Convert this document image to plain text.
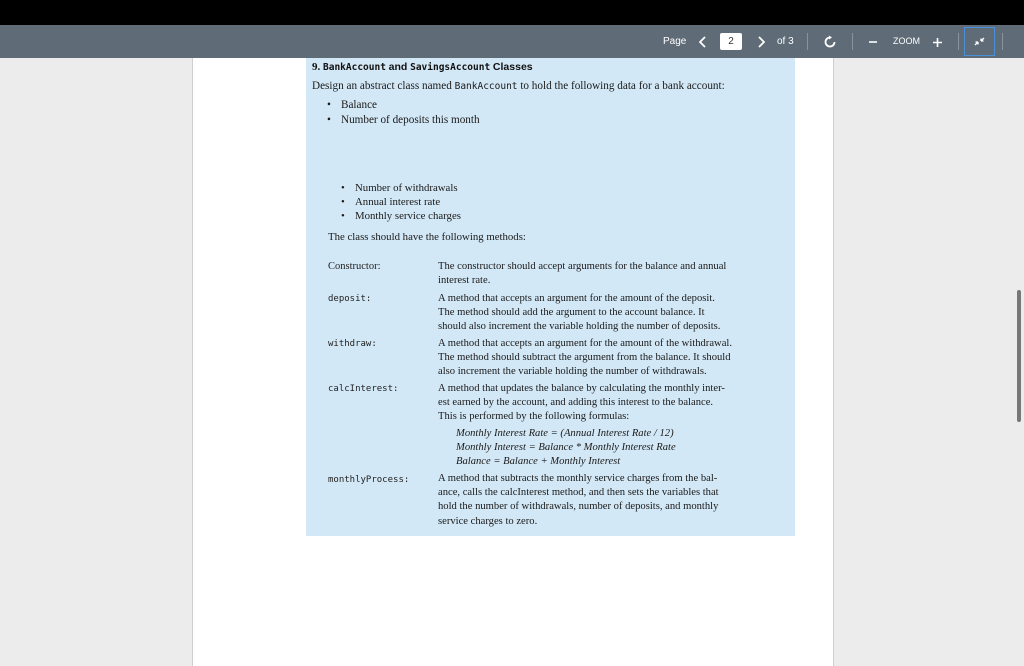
Page	2	of 3	ZOOM
9. BankAccount and SavingsAccount Classes
Design an abstract class named BankAccount to hold the following data for a bank account:
• Balance
• Number of deposits this month
• Number of withdrawals
• Annual interest rate
• Monthly service charges
The class should have the following methods:
Constructor:	The constructor should accept arguments for the balance and annual
interest rate.
deposit:	A method that accepts an argument for the amount of the deposit.
The method should add the argument to the account balance. It
should also increment the variable holding the number of deposits.
withdraw:	A method that accepts an argument for the amount of the withdrawal.
The method should subtract the argument from the balance. It should
also increment the variable holding the number of withdrawals.
calcInterest:	A method that updates the balance by calculating the monthly inter-
est earned by the account, and adding this interest to the balance.
This is performed by the following formulas:
Monthly Interest Rate = (Annual Interest Rate / 12)
Monthly Interest = Balance * Monthly Interest Rate
Balance = Balance + Monthly Interest
monthlyProcess:	A method that subtracts the monthly service charges from the bal-
ance, calls the calcInterest method, and then sets the variables that
hold the number of withdrawals, number of deposits, and monthly
service charges to zero.
